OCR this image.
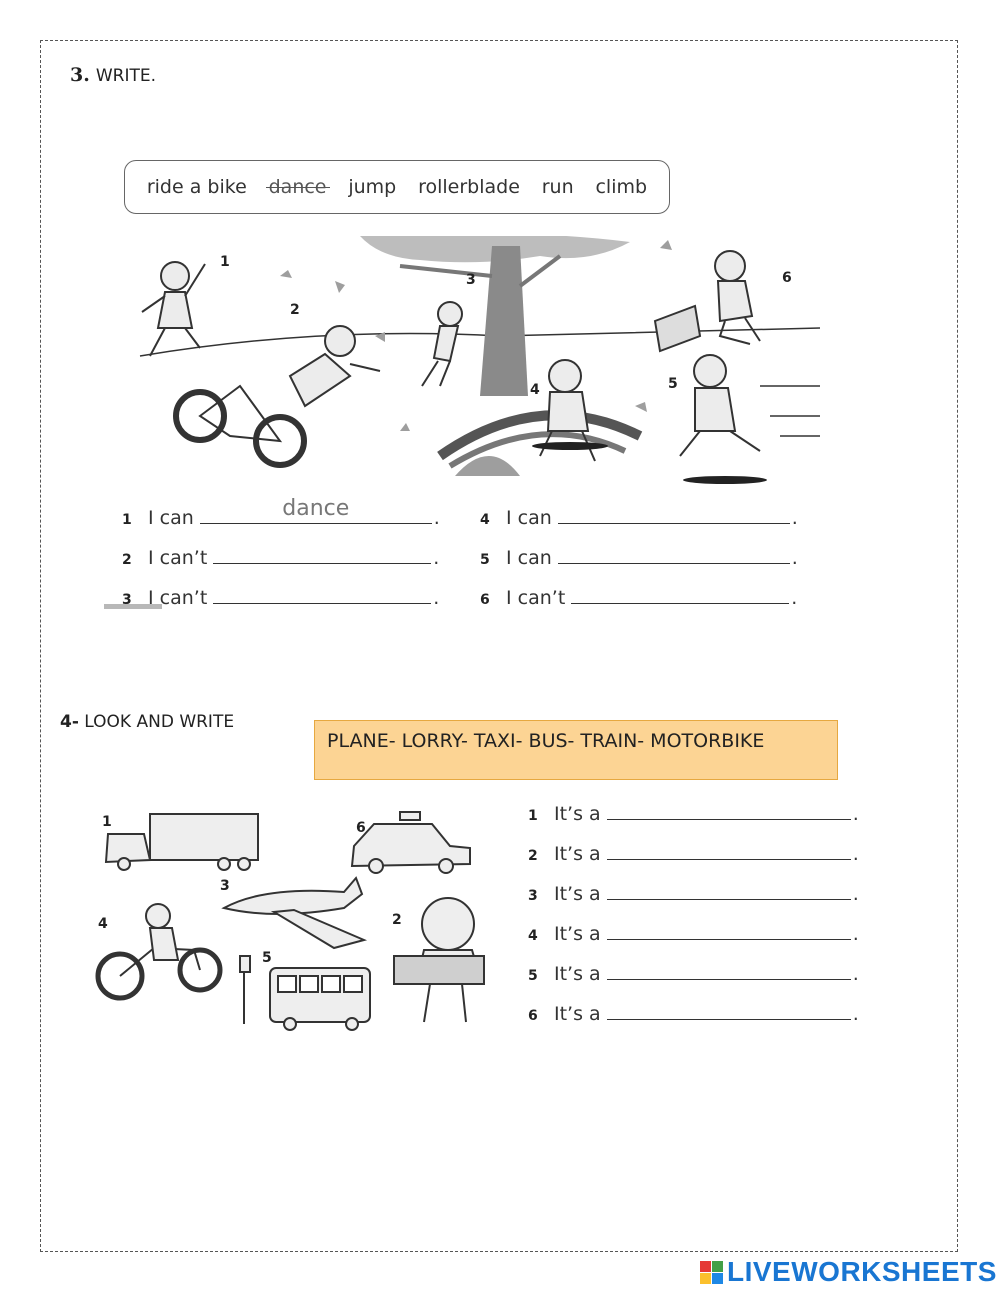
3. WRITE.
ride a bike dance jump rollerblade run climb
1
2
3
4	5
6
1 I can	dance	.
2 I can’t	.
3 I can’t	.
4 I can	.
5 I can	.
6 I can’t	.
4- LOOK AND WRITE
PLANE- LORRY- TAXI- BUS- TRAIN- MOTORBIKE
1	6
3
4	2
5
1 It’s a	.
2 It’s a	.
3 It’s a	.
4 It’s a	.
5 It’s a	.
6 It’s a	.
LIVEWORKSHEETS
